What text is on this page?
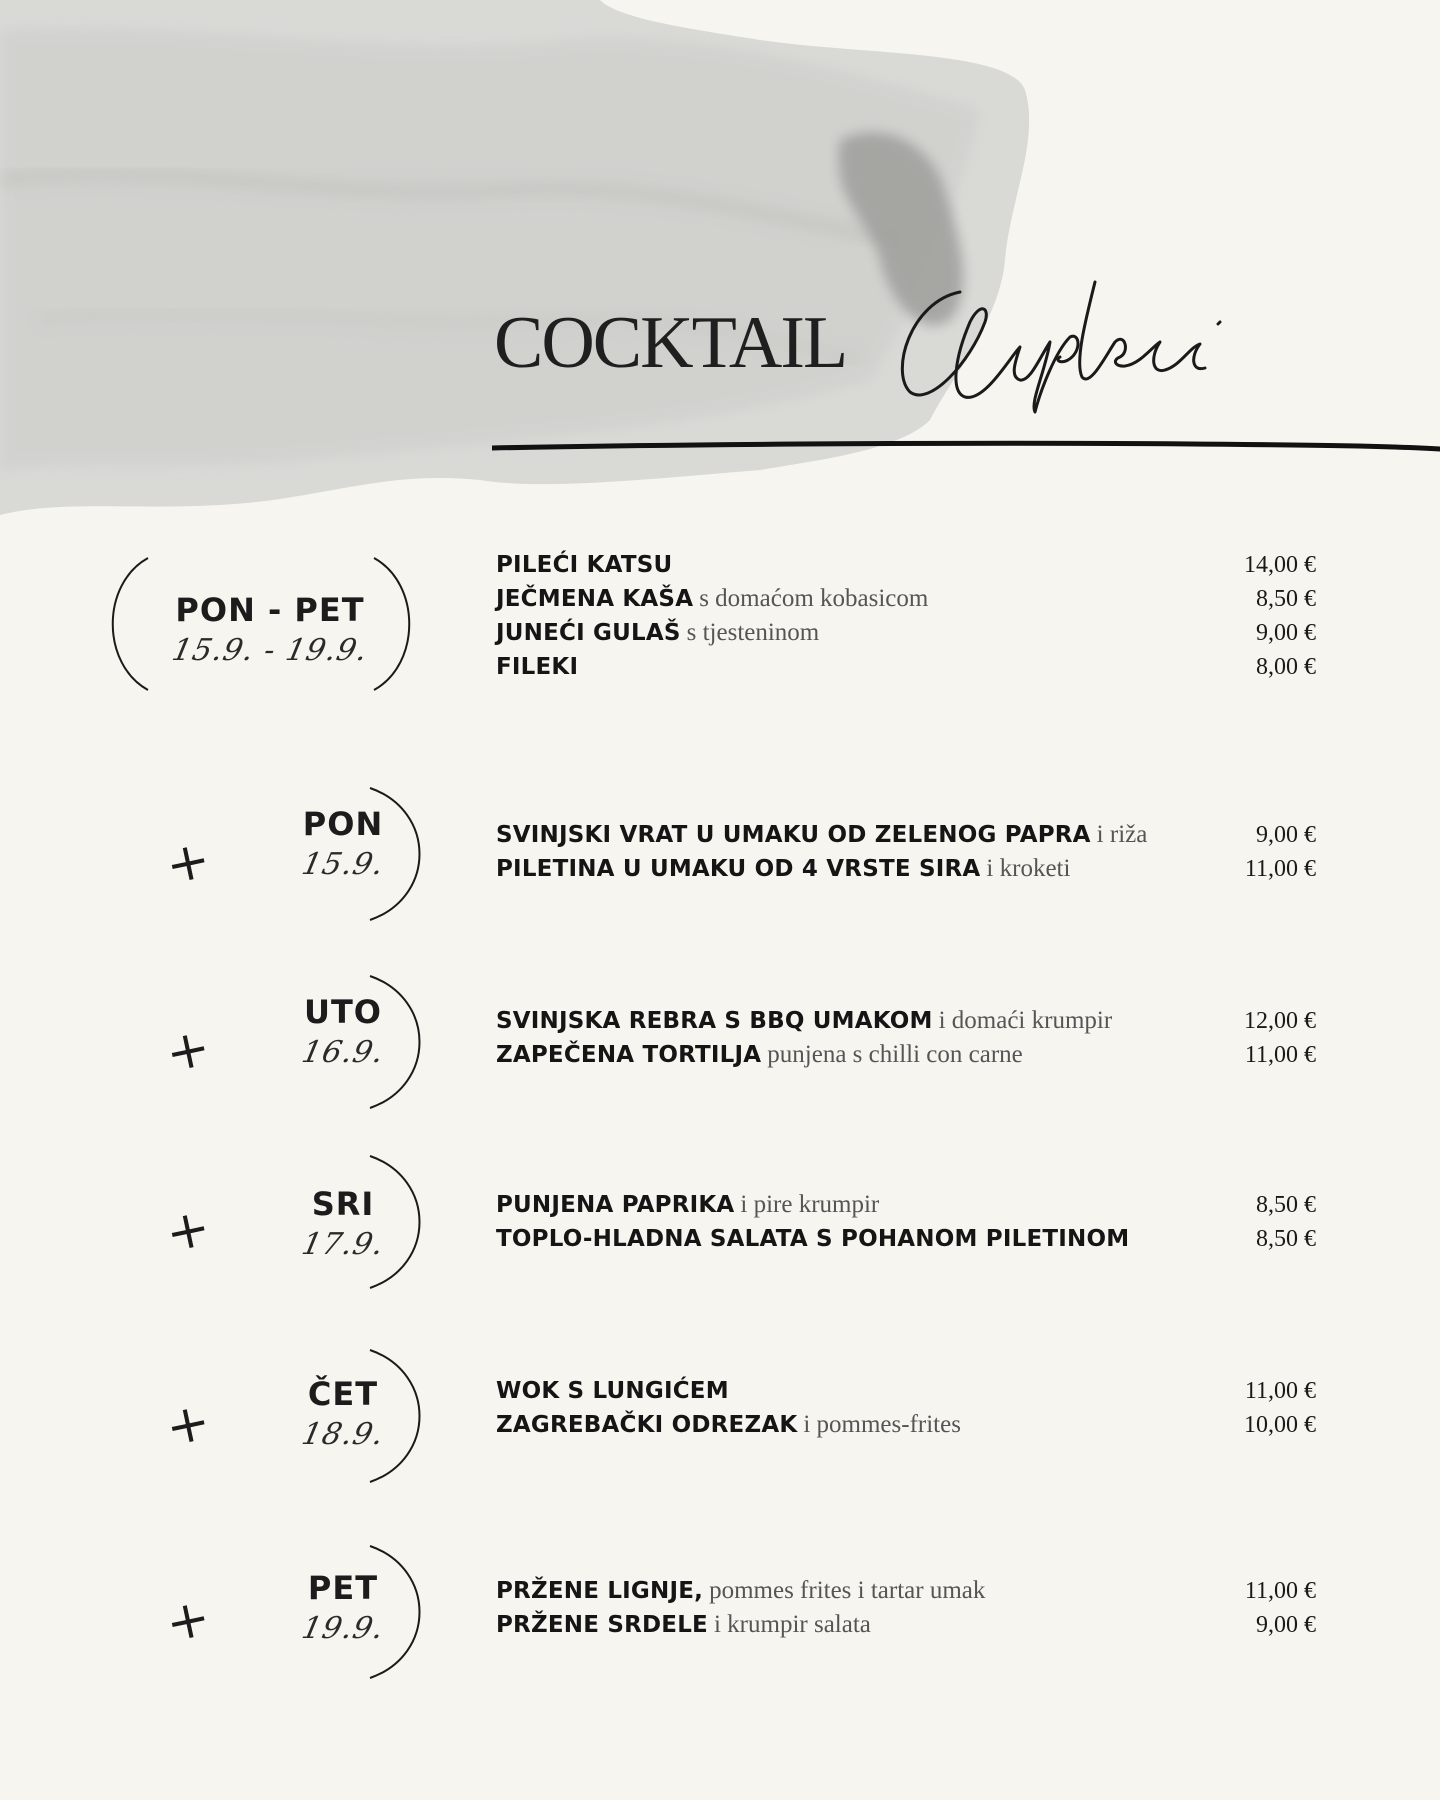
COCKTAIL
PON - PET
15.9. - 19.9.
PILEĆI KATSU	14,00 €
JEČMENA KAŠA s domaćom kobasicom	8,50 €
JUNEĆI GULAŠ s tjesteninom	9,00 €
FILEKI	8,00 €
+
PON
15.9.
SVINJSKI VRAT U UMAKU OD ZELENOG PAPRA i riža	9,00 €
PILETINA U UMAKU OD 4 VRSTE SIRA i kroketi	11,00 €
+
UTO
16.9.
SVINJSKA REBRA S BBQ UMAKOM i domaći krumpir	12,00 €
ZAPEČENA TORTILJA punjena s chilli con carne	11,00 €
+	SRI
17.9.
PUNJENA PAPRIKA i pire krumpir	8,50 €
TOPLO-HLADNA SALATA S POHANOM PILETINOM	8,50 €
+	ČET
18.9.
WOK S LUNGIĆEM	11,00 €
ZAGREBAČKI ODREZAK i pommes-frites	10,00 €
+	PET
19.9.
PRŽENE LIGNJE, pommes frites i tartar umak	11,00 €
PRŽENE SRDELE i krumpir salata	9,00 €
